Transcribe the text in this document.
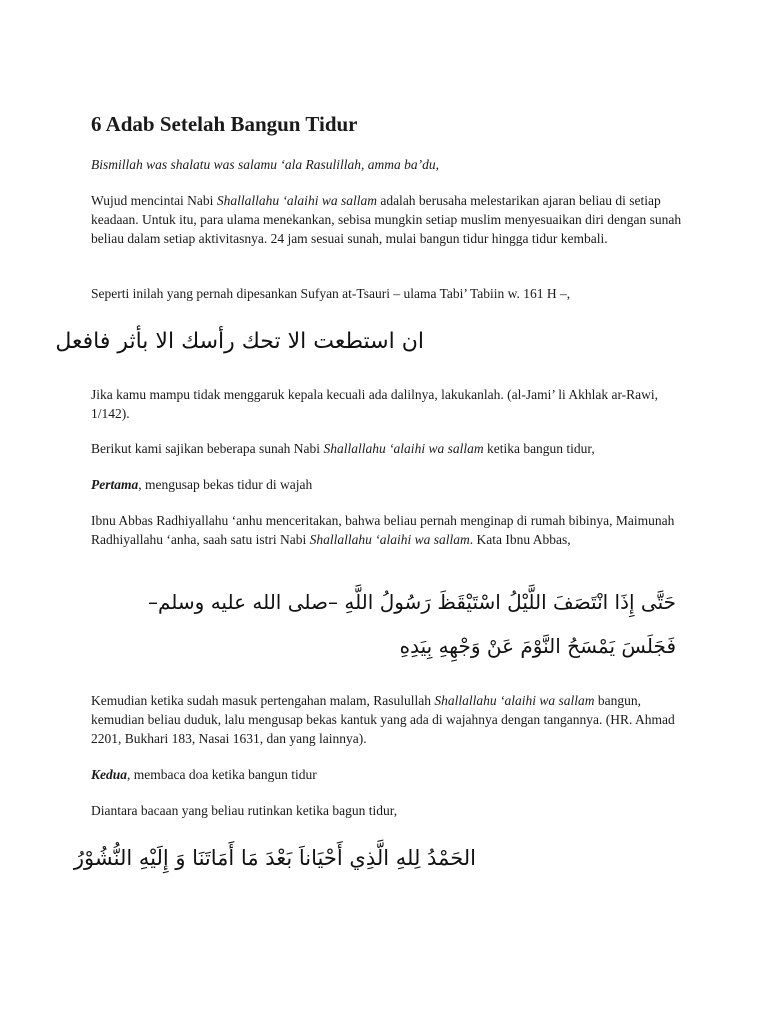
6 Adab Setelah Bangun Tidur

Bismillah was shalatu was salamu ‘ala Rasulillah, amma ba’du,

Wujud mencintai Nabi Shallallahu ‘alaihi wa sallam adalah berusaha melestarikan ajaran beliau di setiap keadaan. Untuk itu, para ulama menekankan, sebisa mungkin setiap muslim menyesuaikan diri dengan sunah beliau dalam setiap aktivitasnya. 24 jam sesuai sunah, mulai bangun tidur hingga tidur kembali.

Seperti inilah yang pernah dipesankan Sufyan at-Tsauri – ulama Tabi’ Tabiin w. 161 H –,

ان استطعت الا تحك رأسك الا بأثر فافعل

Jika kamu mampu tidak menggaruk kepala kecuali ada dalilnya, lakukanlah. (al-Jami’ li Akhlak ar-Rawi, 1/142).

Berikut kami sajikan beberapa sunah Nabi Shallallahu ‘alaihi wa sallam ketika bangun tidur,

Pertama, mengusap bekas tidur di wajah

Ibnu Abbas Radhiyallahu ‘anhu menceritakan, bahwa beliau pernah menginap di rumah bibinya, Maimunah Radhiyallahu ‘anha, saah satu istri Nabi Shallallahu ‘alaihi wa sallam. Kata Ibnu Abbas,

حَتَّى إِذَا انْتَصَفَ اللَّيْلُ اسْتَيْقَظَ رَسُولُ اللَّهِ –صلى الله عليه وسلم– فَجَلَسَ يَمْسَحُ النَّوْمَ عَنْ وَجْهِهِ بِيَدِهِ

Kemudian ketika sudah masuk pertengahan malam, Rasulullah Shallallahu ‘alaihi wa sallam bangun, kemudian beliau duduk, lalu mengusap bekas kantuk yang ada di wajahnya dengan tangannya. (HR. Ahmad 2201, Bukhari 183, Nasai 1631, dan yang lainnya).

Kedua, membaca doa ketika bangun tidur

Diantara bacaan yang beliau rutinkan ketika bagun tidur,

الحَمْدُ لِلهِ الَّذِي أَحْيَاناَ بَعْدَ مَا أَمَاتَنَا وَ إِلَيْهِ النُّشُوْرُ
